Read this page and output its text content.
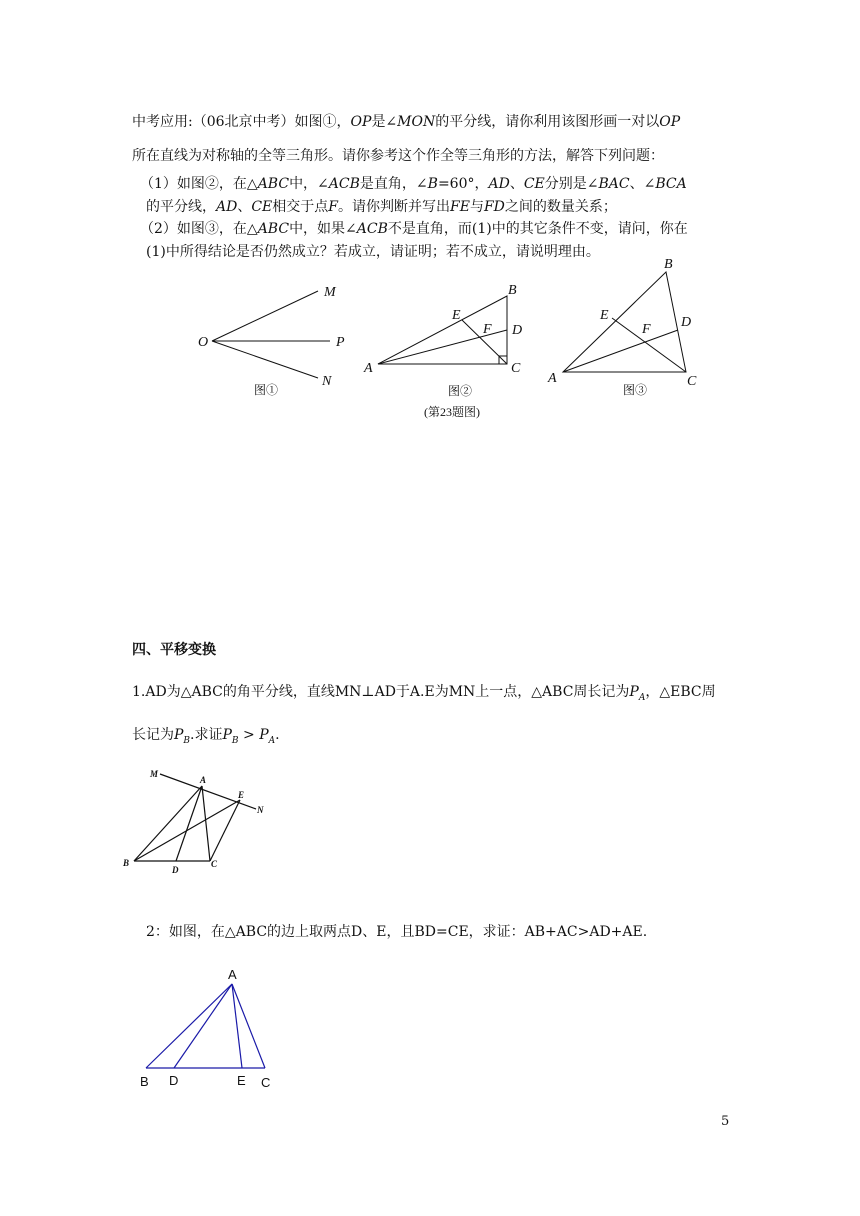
中考应用:（06北京中考）如图①，OP是∠MON的平分线，请你利用该图形画一对以OP
所在直线为对称轴的全等三角形。请你参考这个作全等三角形的方法，解答下列问题：
（1）如图②，在△ABC中，∠ACB是直角，∠B=60°，AD、CE分别是∠BAC、∠BCA
的平分线，AD、CE相交于点F。请你判断并写出FE与FD之间的数量关系；
（2）如图③，在△ABC中，如果∠ACB不是直角，而(1)中的其它条件不变，请问，你在
(1)中所得结论是否仍然成立？若成立，请证明；若不成立，请说明理由。
O
M
P
N
A
B
C
D
E
F
A
B
C
D
E
F
图①	图②	图③
(第23题图)
四、平移变换
1.AD为△ABC的角平分线，直线MN⊥AD于A.E为MN上一点，△ABC周长记为$P_A$，△EBC周
长记为$P_B$.求证$P_B > P_A$.
M
A
E
N
B
D
C
2：如图，在△ABC的边上取两点D、E，且BD=CE，求证：AB+AC>AD+AE.
A
B D	E C
5
